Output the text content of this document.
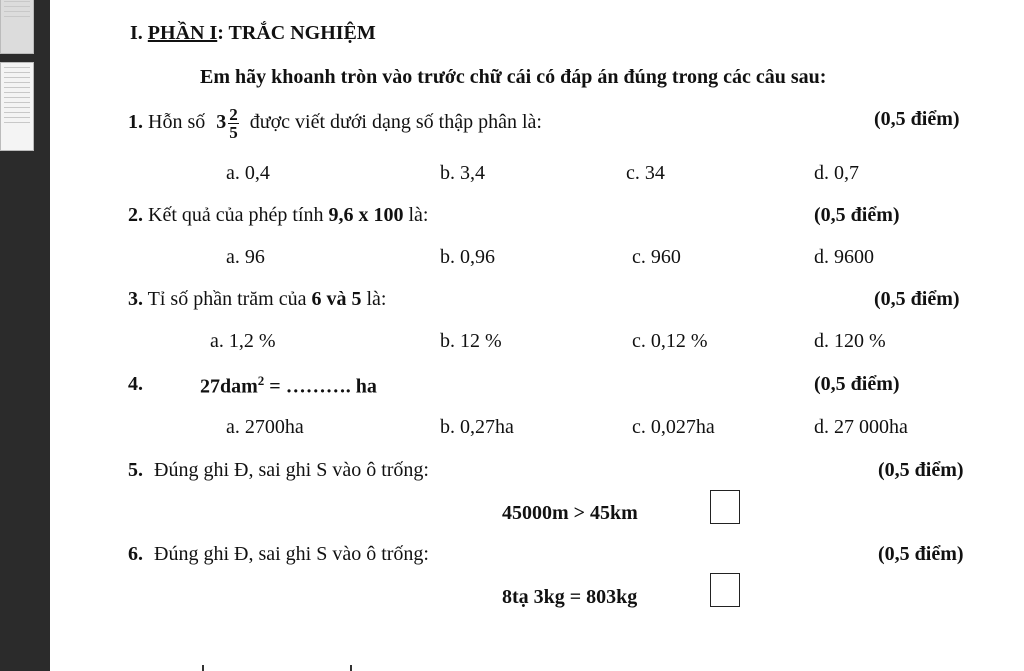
I. PHẦN I: TRẮC NGHIỆM
Em hãy khoanh tròn vào trước chữ cái có đáp án đúng trong các câu sau:
1. Hỗn số $3 \frac{2}{5}$ được viết dưới dạng số thập phân là:	(0,5 điểm)
a. 0,4	b. 3,4	c. 34	d. 0,7
2. Kết quả của phép tính 9,6 x 100 là:	(0,5 điểm)
a. 96	b. 0,96	c. 960	d. 9600
3. Tỉ số phần trăm của 6 và 5 là:	(0,5 điểm)
a. 1,2 %	b. 12 %	c. 0,12 %	d. 120 %
4.	27dam$^2$ = ………. ha	(0,5 điểm)
a. 2700ha	b. 0,27ha	c. 0,027ha	d. 27 000ha
5. Đúng ghi Đ, sai ghi S vào ô trống:	(0,5 điểm)
45000m > 45km
6. Đúng ghi Đ, sai ghi S vào ô trống:	(0,5 điểm)
8tạ 3kg = 803kg
